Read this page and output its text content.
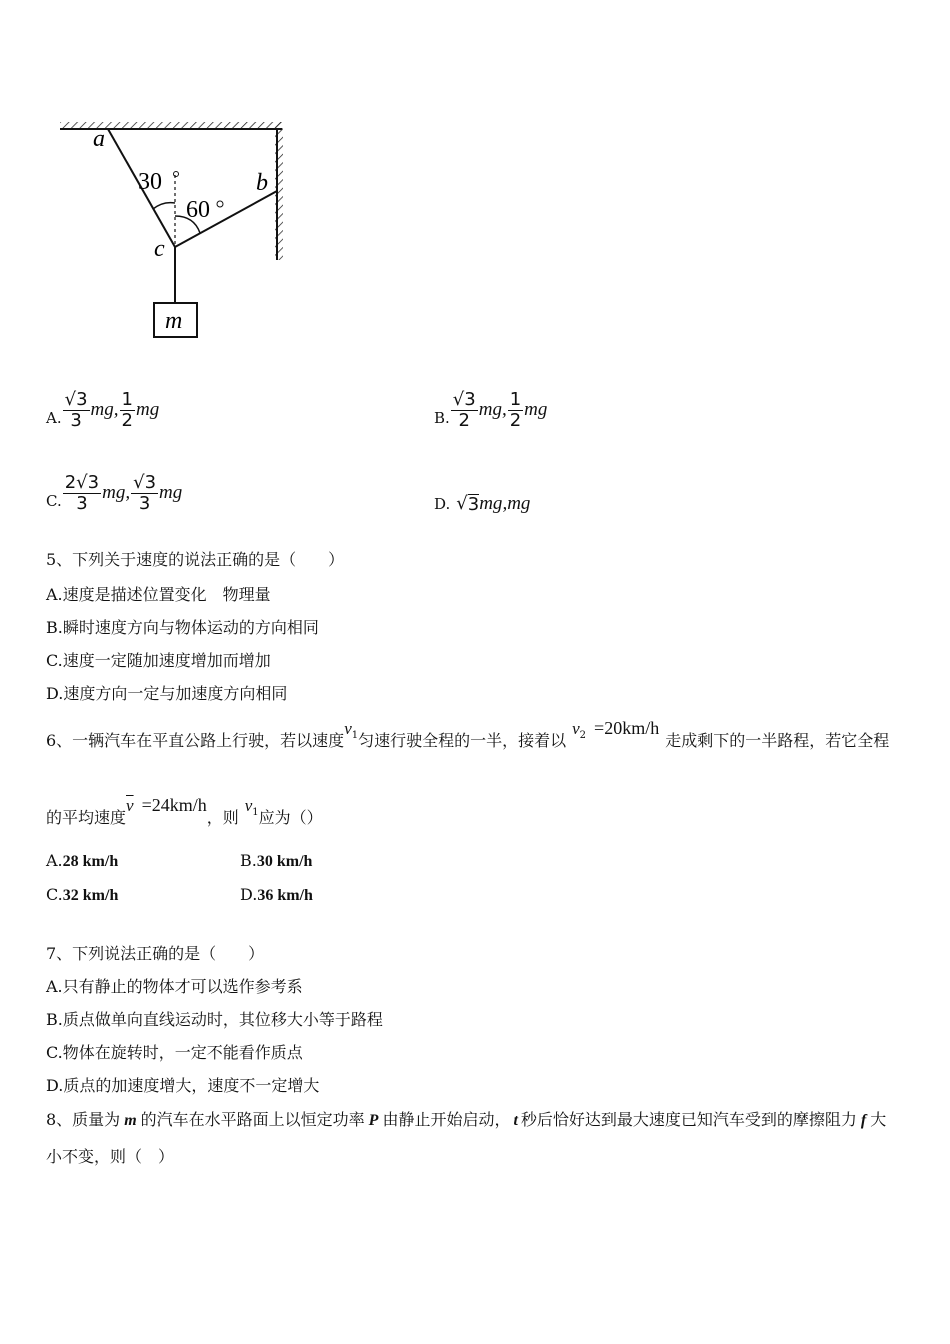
a
b
c
30
60
m
A. $\frac{√3}{3}$ mg , $\frac{1}{2}$ mg	B. $\frac{√3}{2}$ mg , $\frac{1}{2}$ mg
C. $\frac{2√3}{3}$ mg , $\frac{√3}{3}$ mg
D. √ 3 mg , mg
5、下列关于速度的说法正确的是（　　）
A.速度是描述位置变化　物理量
B.瞬时速度方向与物体运动的方向相同
C.速度一定随加速度增加而增加
D.速度方向一定与加速度方向相同
6、一辆汽车在平直公路上行驶，若以速度$v_1$匀速行驶全程的一半，接着以$v_2 =20km/h$走成剩下的一半路程，若它全程
的平均速度$\overline{v} =24km/h$，则$v_1$应为（）
A.28 km/h	B.30 km/h
C.32 km/h	D.36 km/h
7、下列说法正确的是（　　）
A.只有静止的物体才可以选作参考系
B.质点做单向直线运动时，其位移大小等于路程
C.物体在旋转时，一定不能看作质点
D.质点的加速度增大，速度不一定增大
8、质量为 m 的汽车在水平路面上以恒定功率 P 由静止开始启动， t 秒后恰好达到最大速度已知汽车受到的摩擦阻力 f 大
小不变，则（　）
